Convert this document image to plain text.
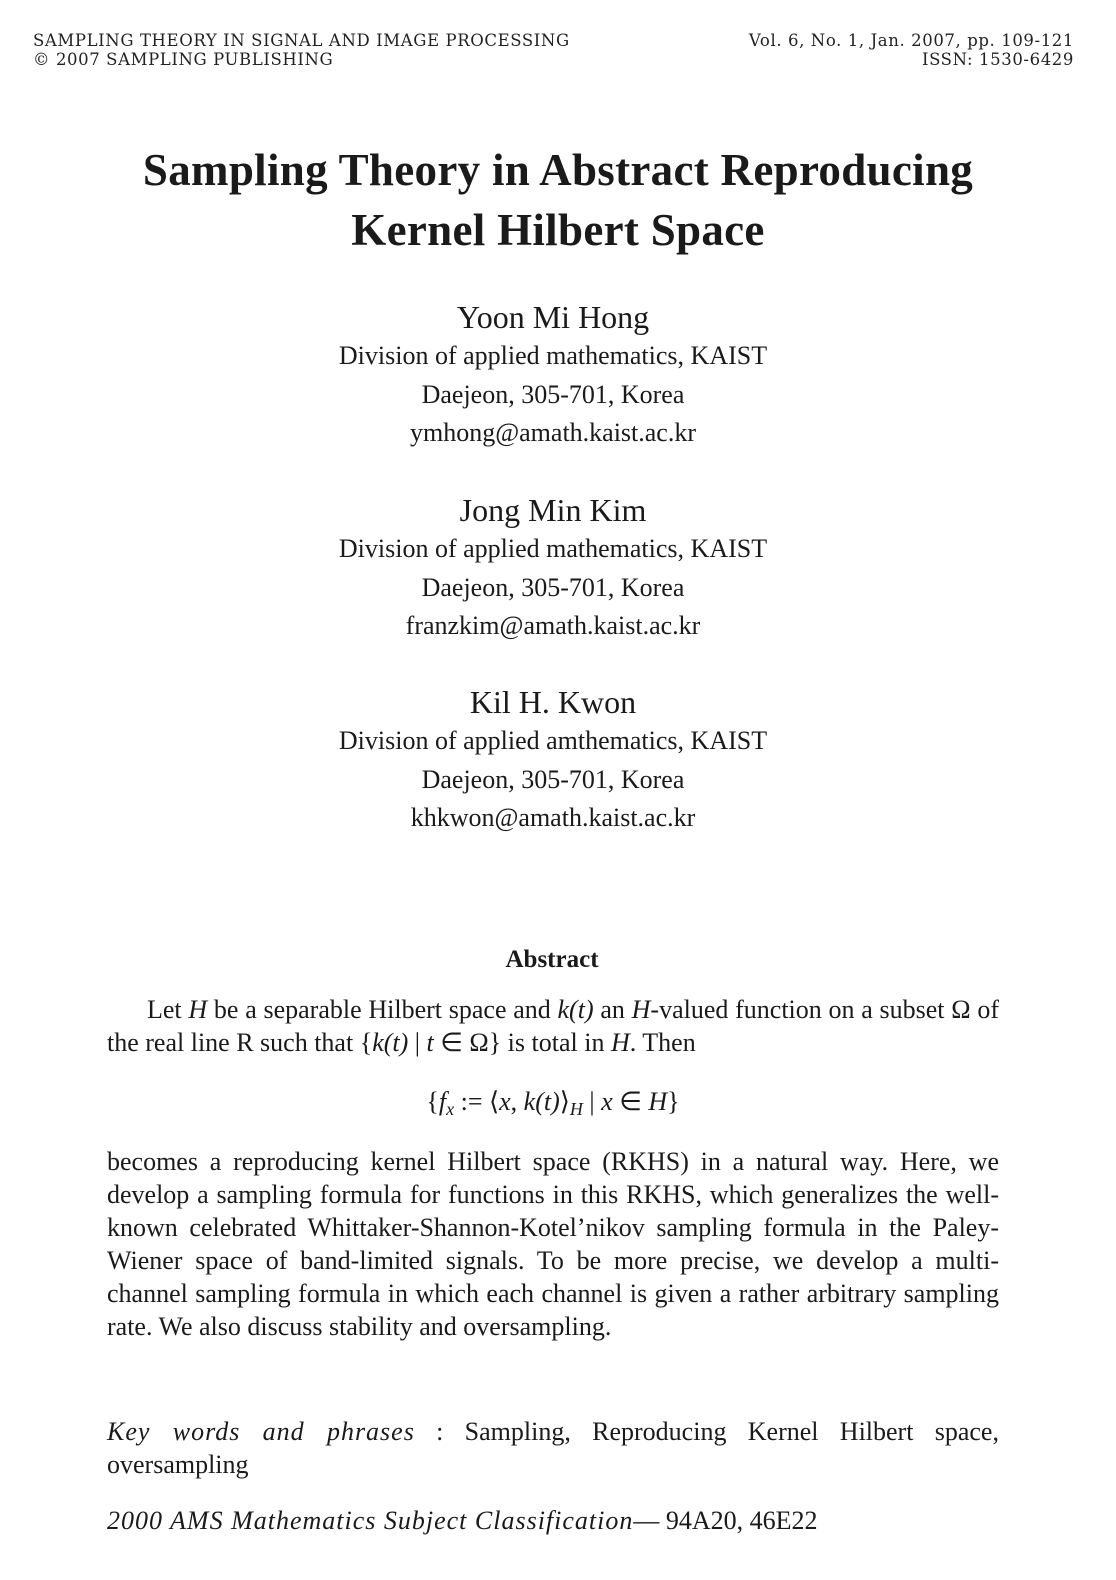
SAMPLING THEORY IN SIGNAL AND IMAGE PROCESSING
© 2007 SAMPLING PUBLISHING
Vol. 6, No. 1, Jan. 2007, pp. 109-121
ISSN: 1530-6429
Sampling Theory in Abstract Reproducing
Kernel Hilbert Space
Yoon Mi Hong
Division of applied mathematics, KAIST
Daejeon, 305-701, Korea
ymhong@amath.kaist.ac.kr
Jong Min Kim
Division of applied mathematics, KAIST
Daejeon, 305-701, Korea
franzkim@amath.kaist.ac.kr
Kil H. Kwon
Division of applied amthematics, KAIST
Daejeon, 305-701, Korea
khkwon@amath.kaist.ac.kr
Abstract
Let H be a separable Hilbert space and k(t) an H-valued function on a subset Ω of the real line R such that {k(t) | t ∈ Ω} is total in H. Then
{$f_x$ := ⟨x, $k(t)⟩_H$ | x ∈ H}
becomes a reproducing kernel Hilbert space (RKHS) in a natural way. Here, we develop a sampling formula for functions in this RKHS, which generalizes the well-known celebrated Whittaker-Shannon-Kotel’nikov sampling formula in the Paley-Wiener space of band-limited signals. To be more precise, we develop a multi-channel sampling formula in which each channel is given a rather arbitrary sampling rate. We also discuss stability and oversampling.
Key words and phrases : Sampling, Reproducing Kernel Hilbert space, oversampling
2000 AMS Mathematics Subject Classification— 94A20, 46E22
